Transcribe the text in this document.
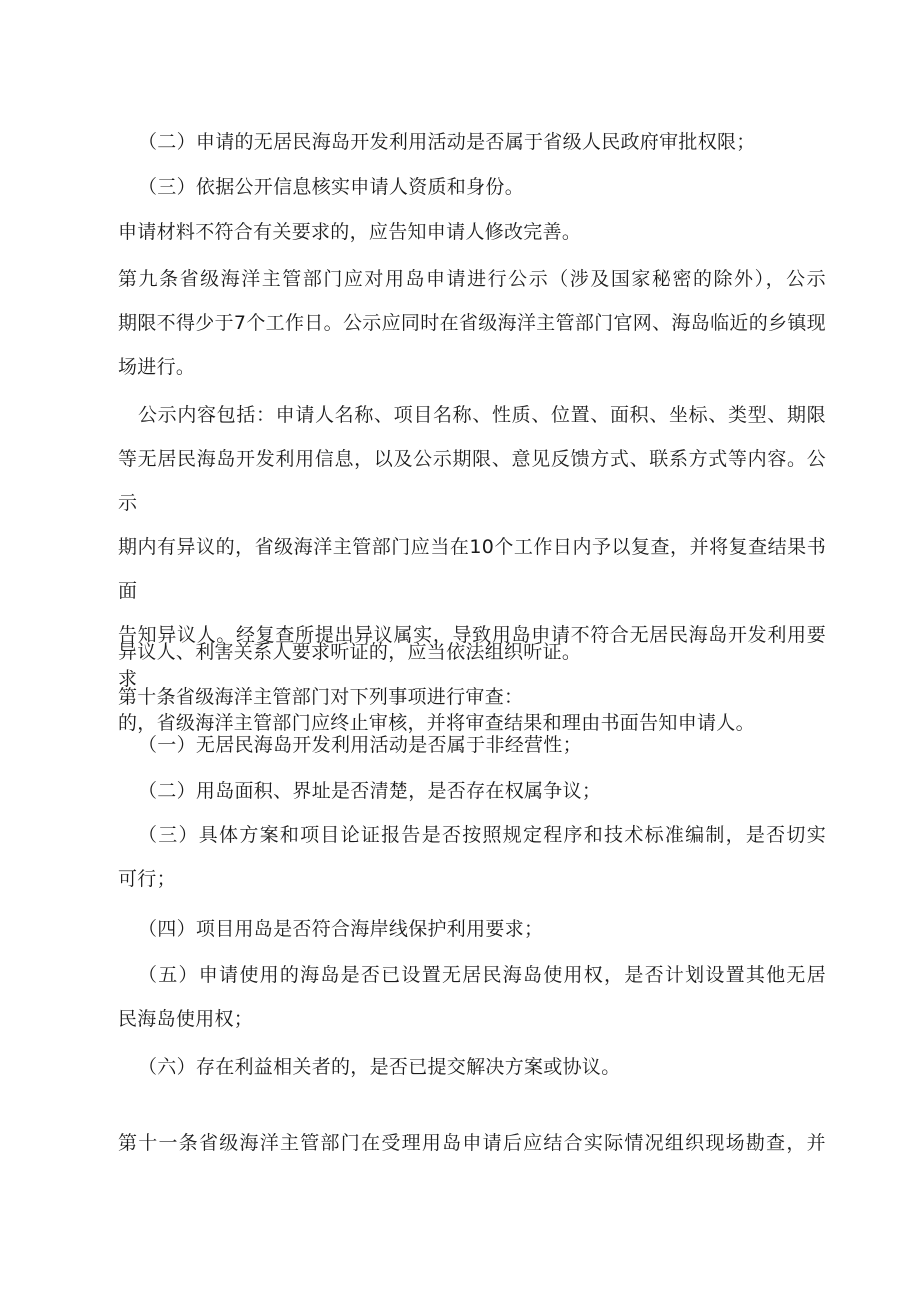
（二）申请的无居民海岛开发利用活动是否属于省级人民政府审批权限；
（三）依据公开信息核实申请人资质和身份。
申请材料不符合有关要求的，应告知申请人修改完善。
第九条省级海洋主管部门应对用岛申请进行公示（涉及国家秘密的除外），公示
期限不得少于7个工作日。公示应同时在省级海洋主管部门官网、海岛临近的乡镇现
场进行。
公示内容包括：申请人名称、项目名称、性质、位置、面积、坐标、类型、期限
等无居民海岛开发利用信息，以及公示期限、意见反馈方式、联系方式等内容。公示
期内有异议的，省级海洋主管部门应当在10个工作日内予以复查，并将复查结果书面
告知异议人。经复查所提出异议属实，导致用岛申请不符合无居民海岛开发利用要求
的，省级海洋主管部门应终止审核，并将审查结果和理由书面告知申请人。
异议人、利害关系人要求听证的，应当依法组织听证。
第十条省级海洋主管部门对下列事项进行审查：
（一）无居民海岛开发利用活动是否属于非经营性；
（二）用岛面积、界址是否清楚，是否存在权属争议；
（三）具体方案和项目论证报告是否按照规定程序和技术标准编制，是否切实
可行；
（四）项目用岛是否符合海岸线保护利用要求；
（五）申请使用的海岛是否已设置无居民海岛使用权，是否计划设置其他无居
民海岛使用权；
（六）存在利益相关者的，是否已提交解决方案或协议。
第十一条省级海洋主管部门在受理用岛申请后应结合实际情况组织现场勘查，并
